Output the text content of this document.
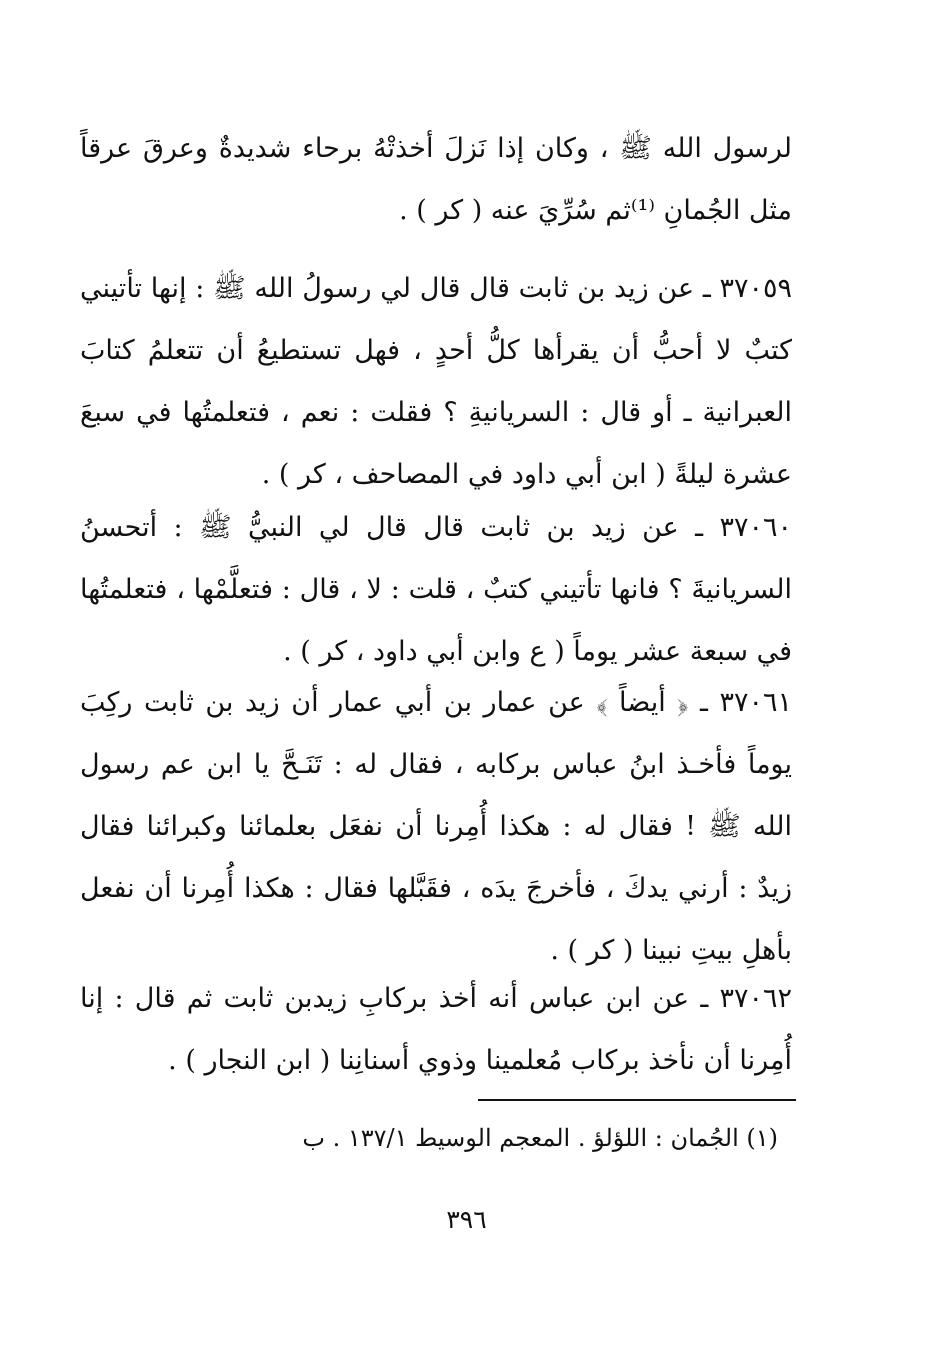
لرسول الله ﷺ ، وكان إذا نَزلَ أخذتْهُ برحاء شديدةٌ وعرقَ عرقاً مثل الجُمانِ ⁽¹⁾ثم سُرِّيَ عنه ( كر ) .

٣٧٠٥٩ ـ عن زيد بن ثابت قال قال لي رسولُ الله ﷺ : إنها تأتيني كتبٌ لا أحبُّ أن يقرأها كلُّ أحدٍ ، فهل تستطيعُ أن تتعلمُ كتابَ العبرانية ـ أو قال : السريانيةِ ؟ فقلت : نعم ، فتعلمتُها في سبعَ عشرة ليلةً ( ابن أبي داود في المصاحف ، كر ) .

٣٧٠٦٠ ـ عن زيد بن ثابت قال قال لي النبيُّ ﷺ : أتحسنُ السريانيةَ ؟ فانها تأتيني كتبٌ ، قلت : لا ، قال : فتعلَّمْها ، فتعلمتُها في سبعة عشر يوماً ( ع وابن أبي داود ، كر ) .

٣٧٠٦١ ـ ﴿ أيضاً ﴾ عن عمار بن أبي عمار أن زيد بن ثابت ركِبَ يوماً فأخـذ ابنُ عباس بركابه ، فقال له : تَنَـحَّ يا ابن عم رسول الله ﷺ ! فقال له : هكذا أُمِرنا أن نفعَل بعلمائنا وكبرائنا فقال زيدٌ : أرني يدكَ ، فأخرجَ يدَه ، فقَبَّلها فقال : هكذا أُمِرنا أن نفعل بأهلِ بيتِ نبينا ( كر ) .

٣٧٠٦٢ ـ عن ابن عباس أنه أخذ بركابِ زيدبن ثابت ثم قال : إنا أُمِرنا أن نأخذ بركاب مُعلمينا وذوي أسنانِنا ( ابن النجار ) .

(١) الجُمان : اللؤلؤ . المعجم الوسيط ١٣٧/١ . ب

٣٩٦
